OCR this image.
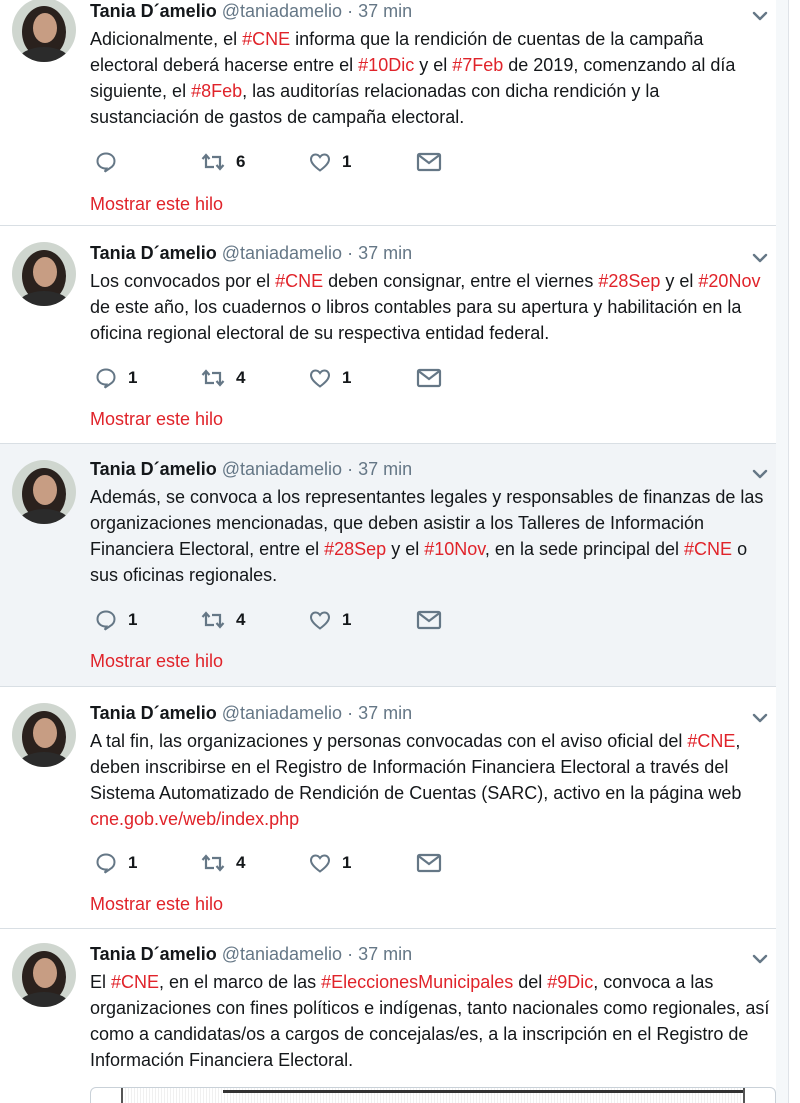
Tania D´amelio @taniadamelio · 37 min
Adicionalmente, el #CNE informa que la rendición de cuentas de la campaña electoral deberá hacerse entre el #10Dic y el #7Feb de 2019, comenzando al día siguiente, el #8Feb, las auditorías relacionadas con dicha rendición y la sustanciación de gastos de campaña electoral.
6	1
Mostrar este hilo
Tania D´amelio @taniadamelio · 37 min
Los convocados por el #CNE deben consignar, entre el viernes #28Sep y el #20Nov de este año, los cuadernos o libros contables para su apertura y habilitación en la oficina regional electoral de su respectiva entidad federal.
1	4	1
Mostrar este hilo
Tania D´amelio @taniadamelio · 37 min
Además, se convoca a los representantes legales y responsables de finanzas de las organizaciones mencionadas, que deben asistir a los Talleres de Información Financiera Electoral, entre el #28Sep y el #10Nov, en la sede principal del #CNE o sus oficinas regionales.
1	4	1
Mostrar este hilo
Tania D´amelio @taniadamelio · 37 min
A tal fin, las organizaciones y personas convocadas con el aviso oficial del #CNE, deben inscribirse en el Registro de Información Financiera Electoral a través del Sistema Automatizado de Rendición de Cuentas (SARC), activo en la página web cne.gob.ve/web/index.php
1	4	1
Mostrar este hilo
Tania D´amelio @taniadamelio · 37 min
El #CNE, en el marco de las #EleccionesMunicipales del #9Dic, convoca a las organizaciones con fines políticos e indígenas, tanto nacionales como regionales, así como a candidatas/os a cargos de concejalas/es, a la inscripción en el Registro de Información Financiera Electoral.
